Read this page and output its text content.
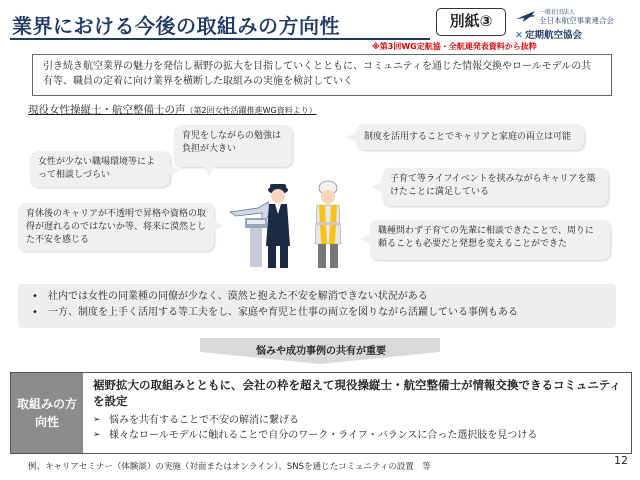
業界における今後の取組みの方向性	別紙③	一般社団法人
全日本航空事業連合会
✕ 定期航空協会
※第3回WG定航協・全航連発表資料から抜粋
引き続き航空業界の魅力を発信し裾野の拡大を目指していくとともに、コミュニティを通じた情報交換やロールモデルの共有等、職員の定着に向け業界を横断した取組みの実施を検討していく
現役女性操縦士・航空整備士の声（第2回女性活躍推進WG資料より）
女性が少ない職場環境等によって相談しづらい
育児をしながらの勉強は負担が大きい
育休後のキャリアが不透明で昇格や資格の取得が遅れるのではないか等、将来に漠然とした不安を感じる
制度を活用することでキャリアと家庭の両立は可能
子育て等ライフイベントを挟みながらキャリアを築けたことに満足している
職種問わず子育ての先輩に相談できたことで、周りに頼ることも必要だと発想を変えることができた
• 社内では女性の同業種の同僚が少なく、漠然と抱えた不安を解消できない状況がある
• 一方、制度を上手く活用する等工夫をし、家庭や育児と仕事の両立を図りながら活躍している事例もある
悩みや成功事例の共有が重要
取組みの方向性
裾野拡大の取組みとともに、会社の枠を超えて現役操縦士・航空整備士が情報交換できるコミュニティを設定
➢ 悩みを共有することで不安の解消に繋げる
➢ 様々なロールモデルに触れることで自分のワーク・ライフ・バランスに合った選択肢を見つける
例、キャリアセミナー（体験談）の実施（対面またはオンライン）、SNSを通じたコミュニティの設置　等	12
